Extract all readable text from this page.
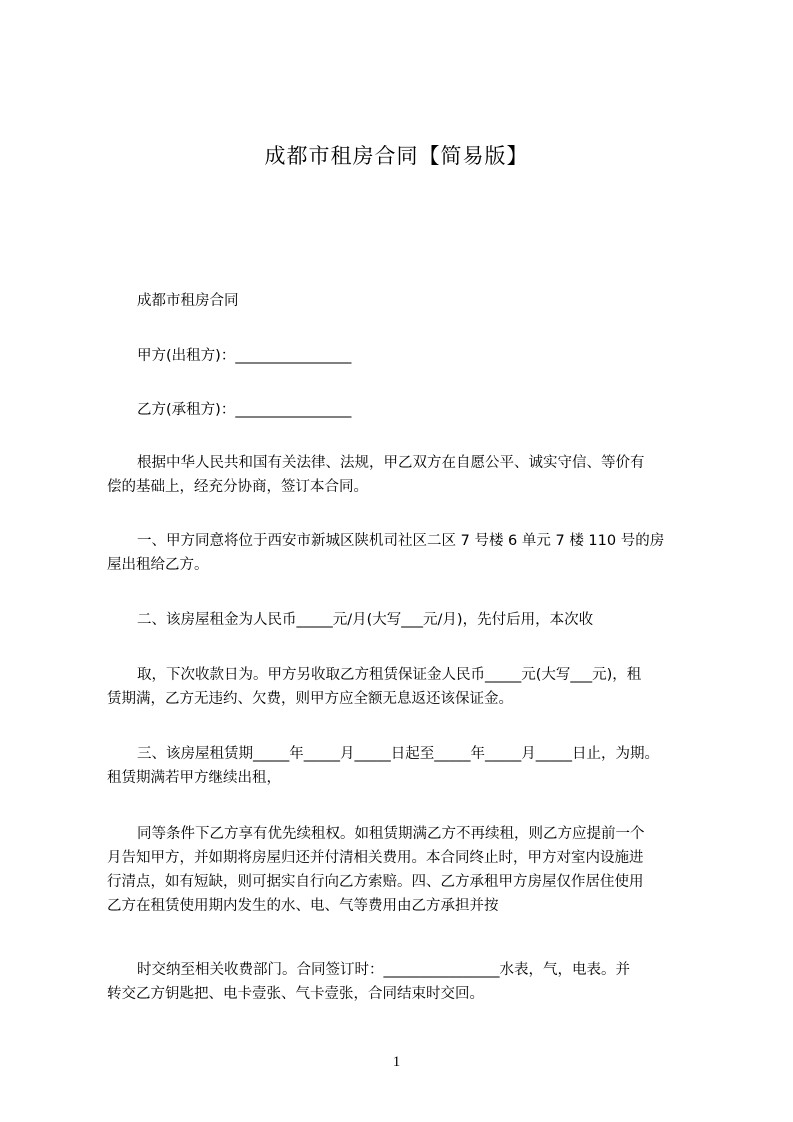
成都市租房合同【简易版】
成都市租房合同
甲方(出租方)：________________
乙方(承租方)：________________
根据中华人民共和国有关法律、法规，甲乙双方在自愿公平、诚实守信、等价有
偿的基础上，经充分协商，签订本合同。
一、甲方同意将位于西安市新城区陕机司社区二区 7 号楼 6 单元 7 楼 110 号的房
屋出租给乙方。
二、该房屋租金为人民币_____元/月(大写___元/月)，先付后用，本次收
取，下次收款日为。甲方另收取乙方租赁保证金人民币_____元(大写___元)，租
赁期满，乙方无违约、欠费，则甲方应全额无息返还该保证金。
三、该房屋租赁期_____年_____月_____日起至_____年_____月_____日止，为期。
租赁期满若甲方继续出租，
同等条件下乙方享有优先续租权。如租赁期满乙方不再续租，则乙方应提前一个
月告知甲方，并如期将房屋归还并付清相关费用。本合同终止时，甲方对室内设施进
行清点，如有短缺，则可据实自行向乙方索赔。四、乙方承租甲方房屋仅作居住使用
乙方在租赁使用期内发生的水、电、气等费用由乙方承担并按
时交纳至相关收费部门。合同签订时：________________水表，气，电表。并
转交乙方钥匙把、电卡壹张、气卡壹张，合同结束时交回。
1
